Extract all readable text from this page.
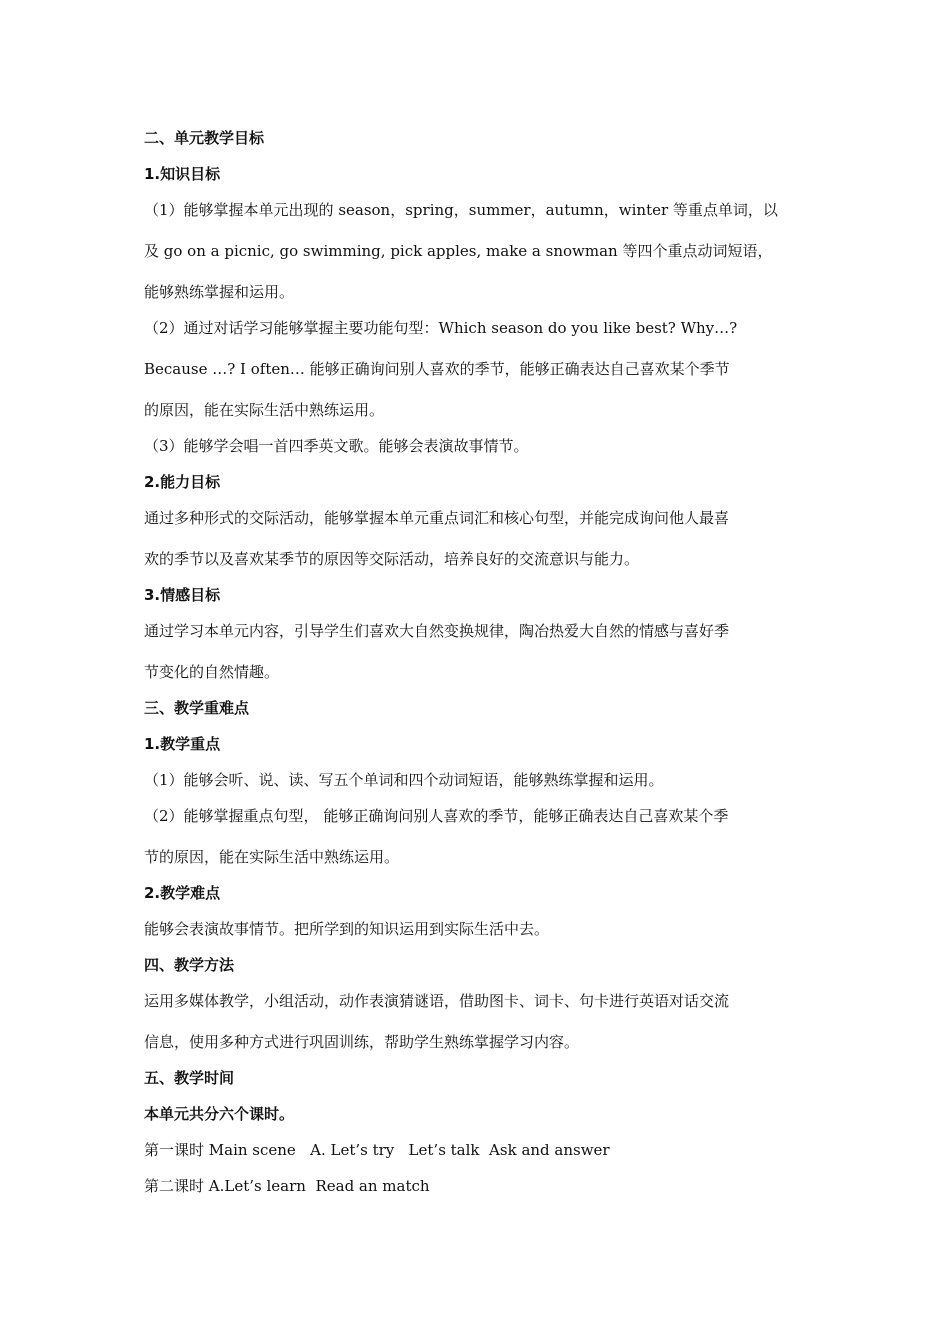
二、单元教学目标

1.知识目标

（1）能够掌握本单元出现的 season，spring，summer，autumn，winter 等重点单词，以

及 go on a picnic, go swimming, pick apples, make a snowman 等四个重点动词短语，

能够熟练掌握和运用。

（2）通过对话学习能够掌握主要功能句型：Which season do you like best? Why…?

Because …? I often… 能够正确询问别人喜欢的季节，能够正确表达自己喜欢某个季节

的原因，能在实际生活中熟练运用。

（3）能够学会唱一首四季英文歌。能够会表演故事情节。

2.能力目标

通过多种形式的交际活动，能够掌握本单元重点词汇和核心句型，并能完成询问他人最喜

欢的季节以及喜欢某季节的原因等交际活动，培养良好的交流意识与能力。

3.情感目标

通过学习本单元内容，引导学生们喜欢大自然变换规律，陶冶热爱大自然的情感与喜好季

节变化的自然情趣。

三、教学重难点

1.教学重点

（1）能够会听、说、读、写五个单词和四个动词短语，能够熟练掌握和运用。

（2）能够掌握重点句型， 能够正确询问别人喜欢的季节，能够正确表达自己喜欢某个季

节的原因，能在实际生活中熟练运用。

2.教学难点

能够会表演故事情节。把所学到的知识运用到实际生活中去。

四、教学方法

运用多媒体教学，小组活动，动作表演猜谜语，借助图卡、词卡、句卡进行英语对话交流

信息，使用多种方式进行巩固训练，帮助学生熟练掌握学习内容。

五、教学时间

本单元共分六个课时。

第一课时 Main scene   A. Let’s try   Let’s talk  Ask and answer

第二课时 A.Let’s learn  Read an match
